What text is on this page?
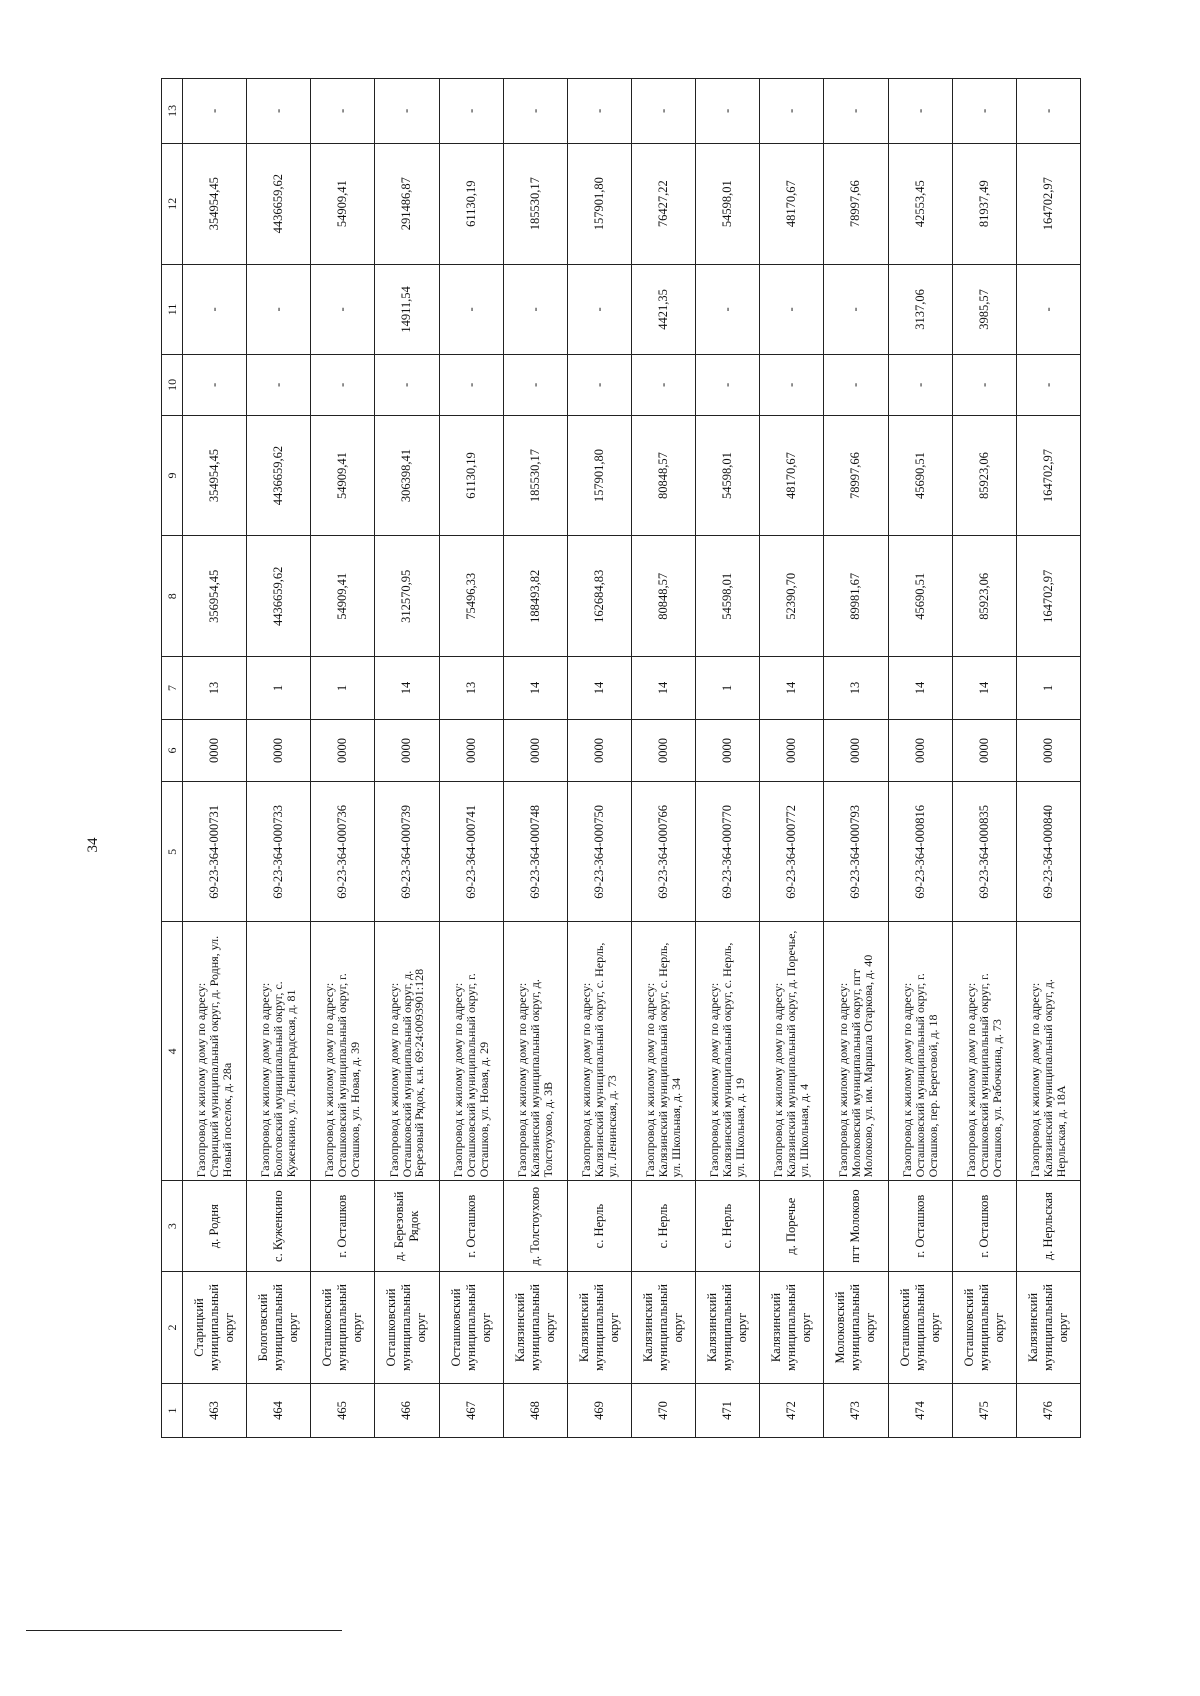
34
1	2	3	4	5	6	7	8	9	10	11	12	13
463	Старицкий муниципальный округ	д. Родня	Газопровод к жилому дому по адресу: Старицкий муниципальный округ, д. Родня, ул. Новый поселок, д. 28а	69-23-364-000731	0000	13	356954,45	354954,45	-	-	354954,45	-
464	Бологовский муниципальный округ	с. Куженкино	Газопровод к жилому дому по адресу: Бологовский муниципальный округ, с. Куженкино, ул. Ленинградская, д. 81	69-23-364-000733	0000	1	4436659,62	4436659,62	-	-	4436659,62	-
465	Осташковский муниципальный округ	г. Осташков	Газопровод к жилому дому по адресу: Осташковский муниципальный округ, г. Осташков, ул. Новая, д. 39	69-23-364-000736	0000	1	54909,41	54909,41	-	-	54909,41	-
466	Осташковский муниципальный округ	д. Березовый Рядок	Газопровод к жилому дому по адресу: Осташковский муниципальный округ, д. Березовый Рядок, к.н. 69:24:0093901:128	69-23-364-000739	0000	14	312570,95	306398,41	-	14911,54	291486,87	-
467	Осташковский муниципальный округ	г. Осташков	Газопровод к жилому дому по адресу: Осташковский муниципальный округ, г. Осташков, ул. Новая, д. 29	69-23-364-000741	0000	13	75496,33	61130,19	-	-	61130,19	-
468	Калязинский муниципальный округ	д. Толстоухово	Газопровод к жилому дому по адресу: Калязинский муниципальный округ, д. Толстоухово, д. 3В	69-23-364-000748	0000	14	188493,82	185530,17	-	-	185530,17	-
469	Калязинский муниципальный округ	с. Нерль	Газопровод к жилому дому по адресу: Калязинский муниципальный округ, с. Нерль, ул. Ленинская, д. 73	69-23-364-000750	0000	14	162684,83	157901,80	-	-	157901,80	-
470	Калязинский муниципальный округ	с. Нерль	Газопровод к жилому дому по адресу: Калязинский муниципальный округ, с. Нерль, ул. Школьная, д. 34	69-23-364-000766	0000	14	80848,57	80848,57	-	4421,35	76427,22	-
471	Калязинский муниципальный округ	с. Нерль	Газопровод к жилому дому по адресу: Калязинский муниципальный округ, с. Нерль, ул. Школьная, д. 19	69-23-364-000770	0000	1	54598,01	54598,01	-	-	54598,01	-
472	Калязинский муниципальный округ	д. Поречье	Газопровод к жилому дому по адресу: Калязинский муниципальный округ, д. Поречье, ул. Школьная, д. 4	69-23-364-000772	0000	14	52390,70	48170,67	-	-	48170,67	-
473	Молоковский муниципальный округ	пгт Молоково	Газопровод к жилому дому по адресу: Молоковский муниципальный округ, пгт Молоково, ул. им. Маршала Огаркова, д. 40	69-23-364-000793	0000	13	89981,67	78997,66	-	-	78997,66	-
474	Осташковский муниципальный округ	г. Осташков	Газопровод к жилому дому по адресу: Осташковский муниципальный округ, г. Осташков, пер. Береговой, д. 18	69-23-364-000816	0000	14	45690,51	45690,51	-	3137,06	42553,45	-
475	Осташковский муниципальный округ	г. Осташков	Газопровод к жилому дому по адресу: Осташковский муниципальный округ, г. Осташков, ул. Рабочкина, д. 73	69-23-364-000835	0000	14	85923,06	85923,06	-	3985,57	81937,49	-
476	Калязинский муниципальный округ	д. Нерльская	Газопровод к жилому дому по адресу: Калязинский муниципальный округ, д. Нерльская, д. 18А	69-23-364-000840	0000	1	164702,97	164702,97	-	-	164702,97	-
